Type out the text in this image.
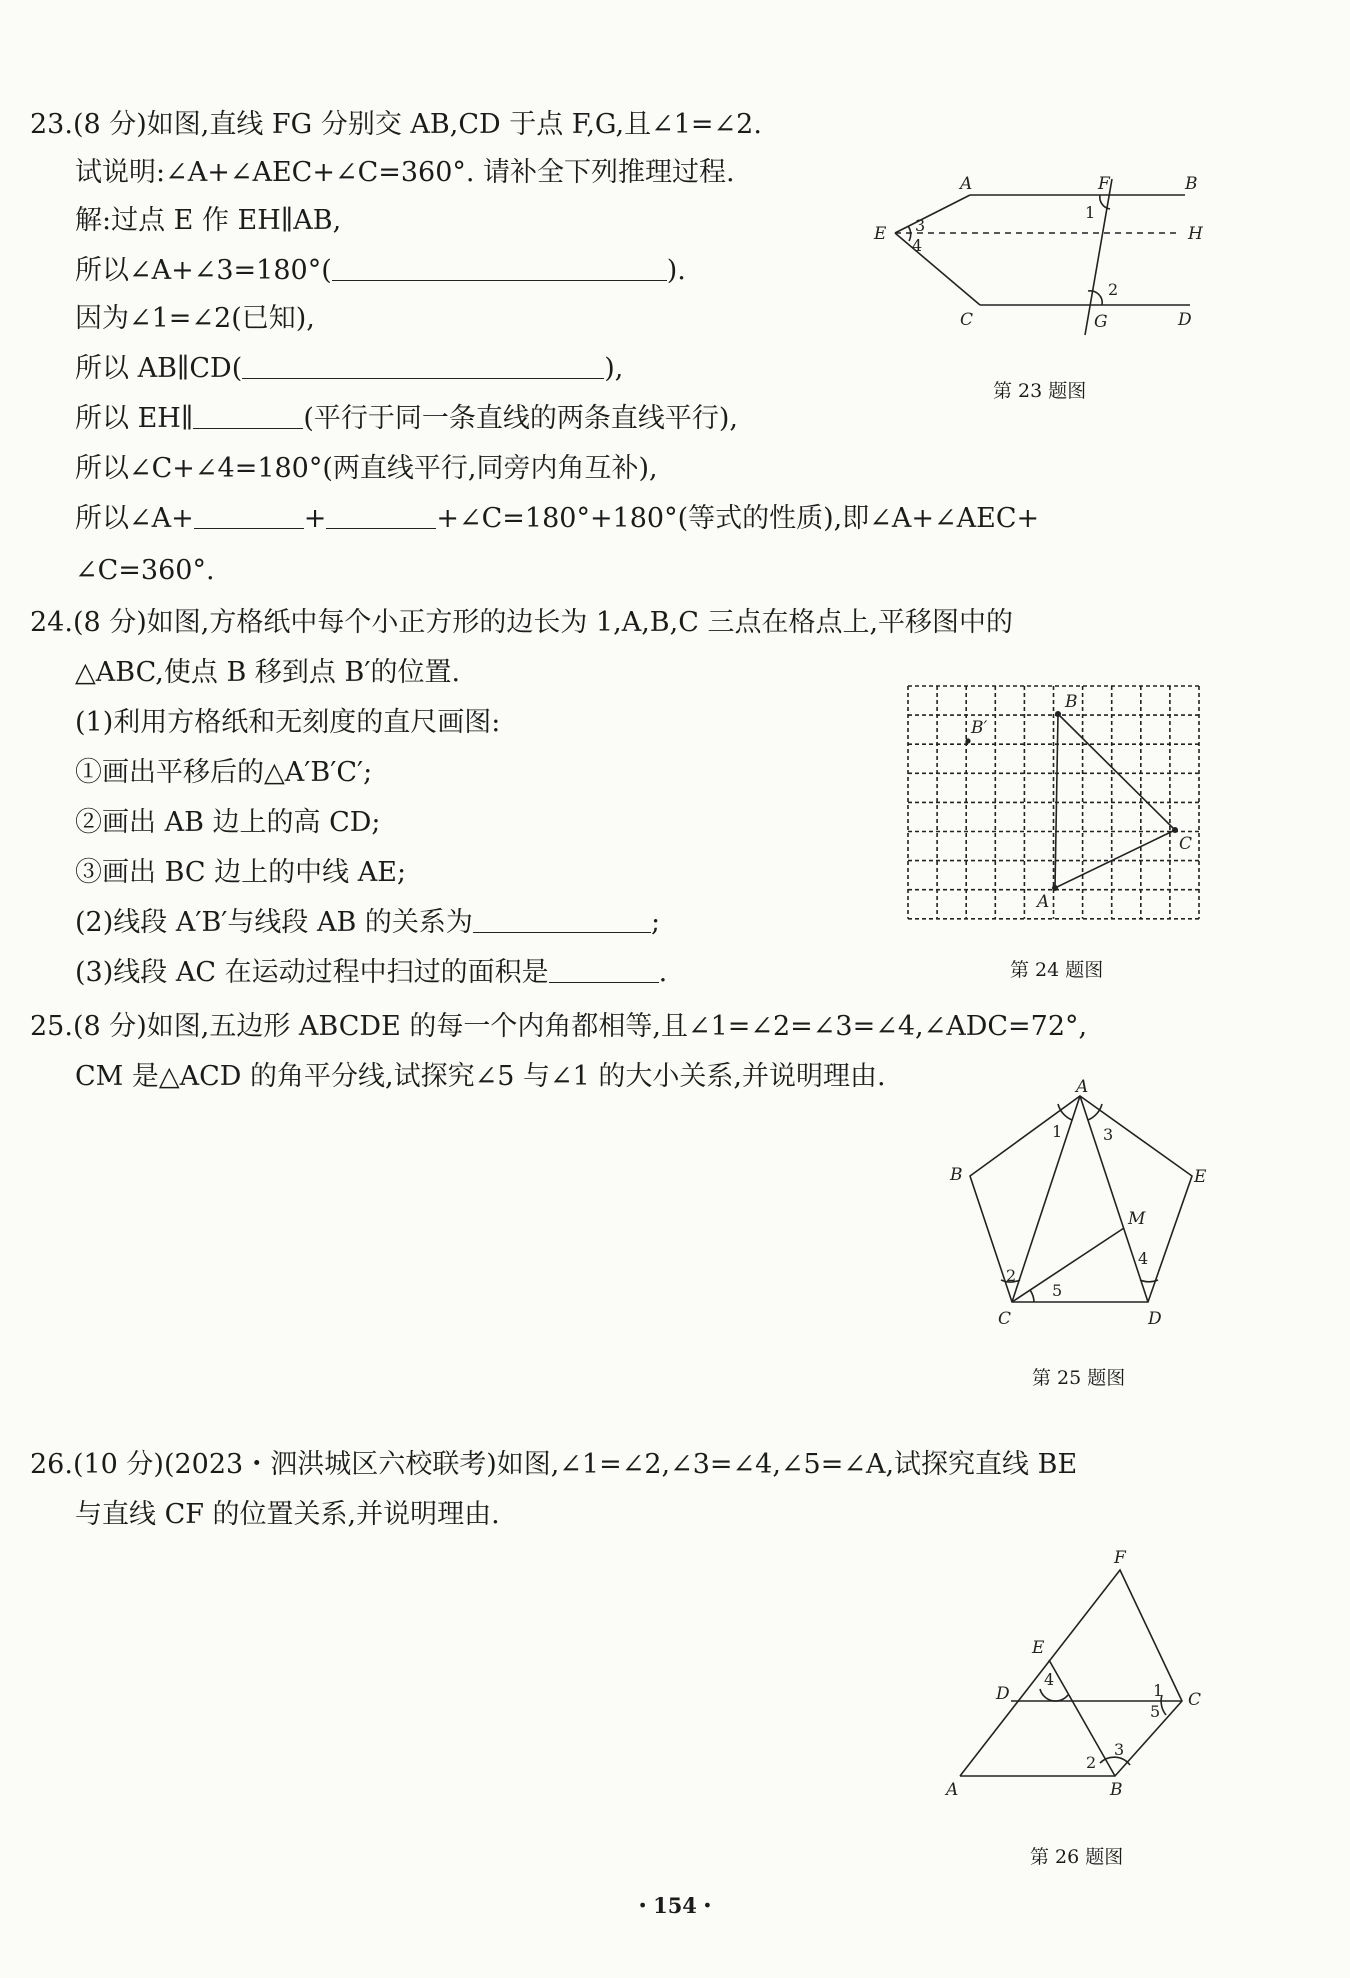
23.(8 分)如图,直线 FG 分别交 AB,CD 于点 F,G,且∠1=∠2.
试说明:∠A+∠AEC+∠C=360°. 请补全下列推理过程.
解:过点 E 作 EH∥AB,
所以∠A+∠3=180°(	).
因为∠1=∠2(已知),
所以 AB∥CD(	),
所以 EH∥	(平行于同一条直线的两条直线平行),
所以∠C+∠4=180°(两直线平行,同旁内角互补),
所以∠A+	+	+∠C=180°+180°(等式的性质),即∠A+∠AEC+
∠C=360°.
A	B
C	D
E
F
G
H
1
2
3
4
第 23 题图
24.(8 分)如图,方格纸中每个小正方形的边长为 1,A,B,C 三点在格点上,平移图中的
△ABC,使点 B 移到点 B′的位置.
(1)利用方格纸和无刻度的直尺画图:
①画出平移后的△A′B′C′;
②画出 AB 边上的高 CD;
③画出 BC 边上的中线 AE;
(2)线段 A′B′与线段 AB 的关系为	;
(3)线段 AC 在运动过程中扫过的面积是	.
B
C
A
B′
第 24 题图
25.(8 分)如图,五边形 ABCDE 的每一个内角都相等,且∠1=∠2=∠3=∠4,∠ADC=72°,
CM 是△ACD 的角平分线,试探究∠5 与∠1 的大小关系,并说明理由.	A
B
C	D
E
M
1
2
3
4
5
第 25 题图
26.(10 分)(2023・泗洪城区六校联考)如图,∠1=∠2,∠3=∠4,∠5=∠A,试探究直线 BE
与直线 CF 的位置关系,并说明理由.
F
E
D	C
A	B
1
2
3
4
5
第 26 题图
・154・
